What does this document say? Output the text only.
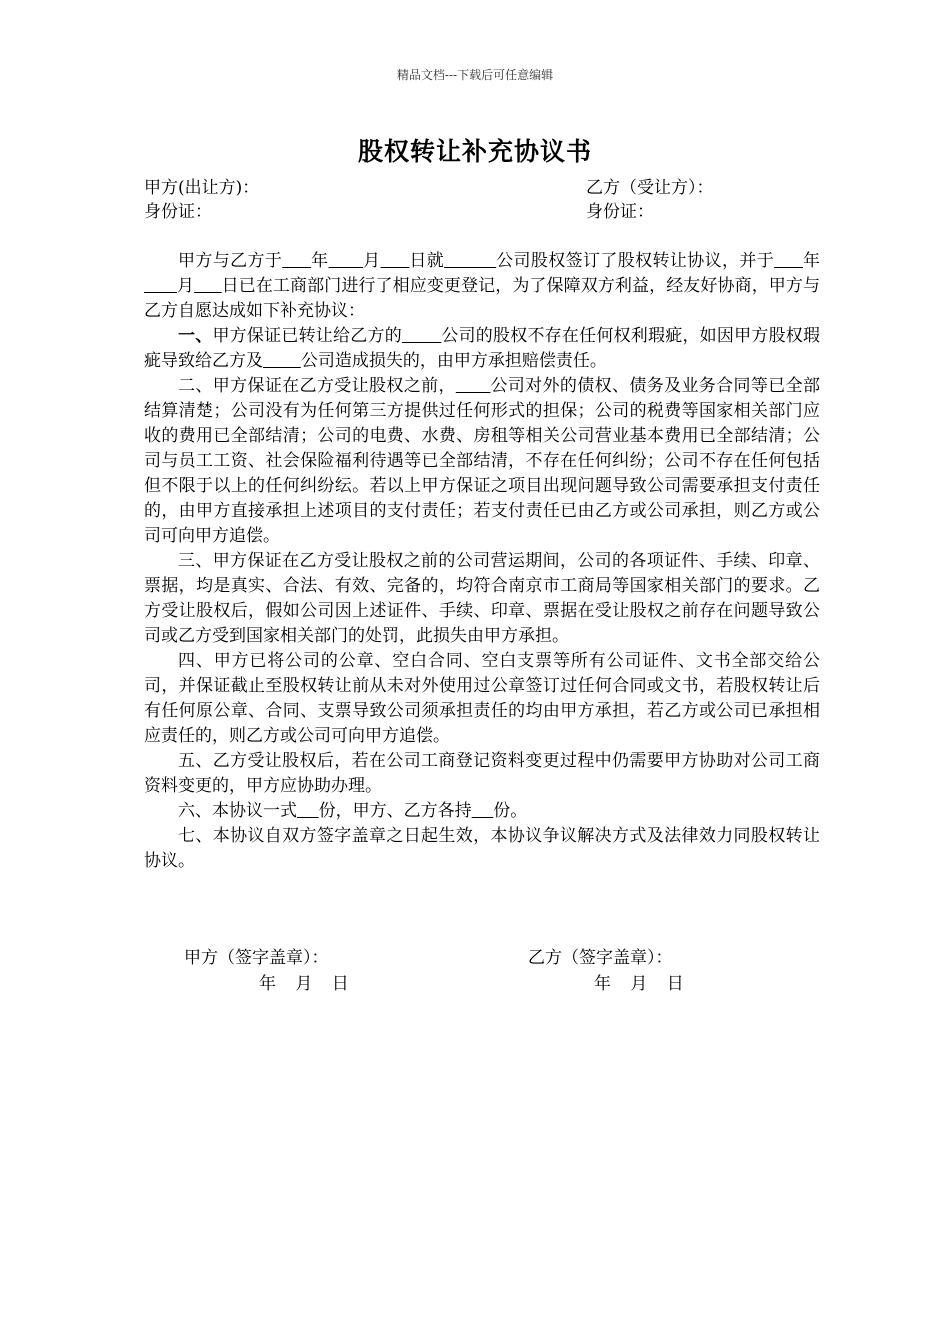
精品文档---下载后可任意编辑
股权转让补充协议书
甲方(出让方)：	乙方（受让方）：
身份证：	身份证：

甲方与乙方于 年 月 日就	公司股权签订了股权转让协议，并于 年      月 日已在工商部门进行了相应变更登记，为了保障双方利益，经友好协商，甲方与乙方自愿达成如下补充协议：

一、甲方保证已转让给乙方的 公司的股权不存在任何权利瑕疵，如因甲方股权瑕疵导致给乙方及 公司造成损失的，由甲方承担赔偿责任。

二、甲方保证在乙方受让股权之前， 公司对外的债权、债务及业务合同等已全部结算清楚；公司没有为任何第三方提供过任何形式的担保；公司的税费等国家相关部门应收的费用已全部结清；公司的电费、水费、房租等相关公司营业基本费用已全部结清；公司与员工工资、社会保险福利待遇等已全部结清，不存在任何纠纷；公司不存在任何包括但不限于以上的任何纠纷纭。若以上甲方保证之项目出现问题导致公司需要承担支付责任的，由甲方直接承担上述项目的支付责任；若支付责任已由乙方或公司承担，则乙方或公司可向甲方追偿。

三、甲方保证在乙方受让股权之前的公司营运期间，公司的各项证件、手续、印章、票据，均是真实、合法、有效、完备的，均符合南京市工商局等国家相关部门的要求。乙方受让股权后，假如公司因上述证件、手续、印章、票据在受让股权之前存在问题导致公司或乙方受到国家相关部门的处罚，此损失由甲方承担。

四、甲方已将公司的公章、空白合同、空白支票等所有公司证件、文书全部交给公司，并保证截止至股权转让前从未对外使用过公章签订过任何合同或文书，若股权转让后有任何原公章、合同、支票导致公司须承担责任的均由甲方承担，若乙方或公司已承担相应责任的，则乙方或公司可向甲方追偿。

五、乙方受让股权后，若在公司工商登记资料变更过程中仍需要甲方协助对公司工商资料变更的，甲方应协助办理。

六、本协议一式 份，甲方、乙方各持 份。

七、本协议自双方签字盖章之日起生效，本协议争议解决方式及法律效力同股权转让协议。

甲方（签字盖章）：	乙方（签字盖章）：
年 月 日	年 月 日
